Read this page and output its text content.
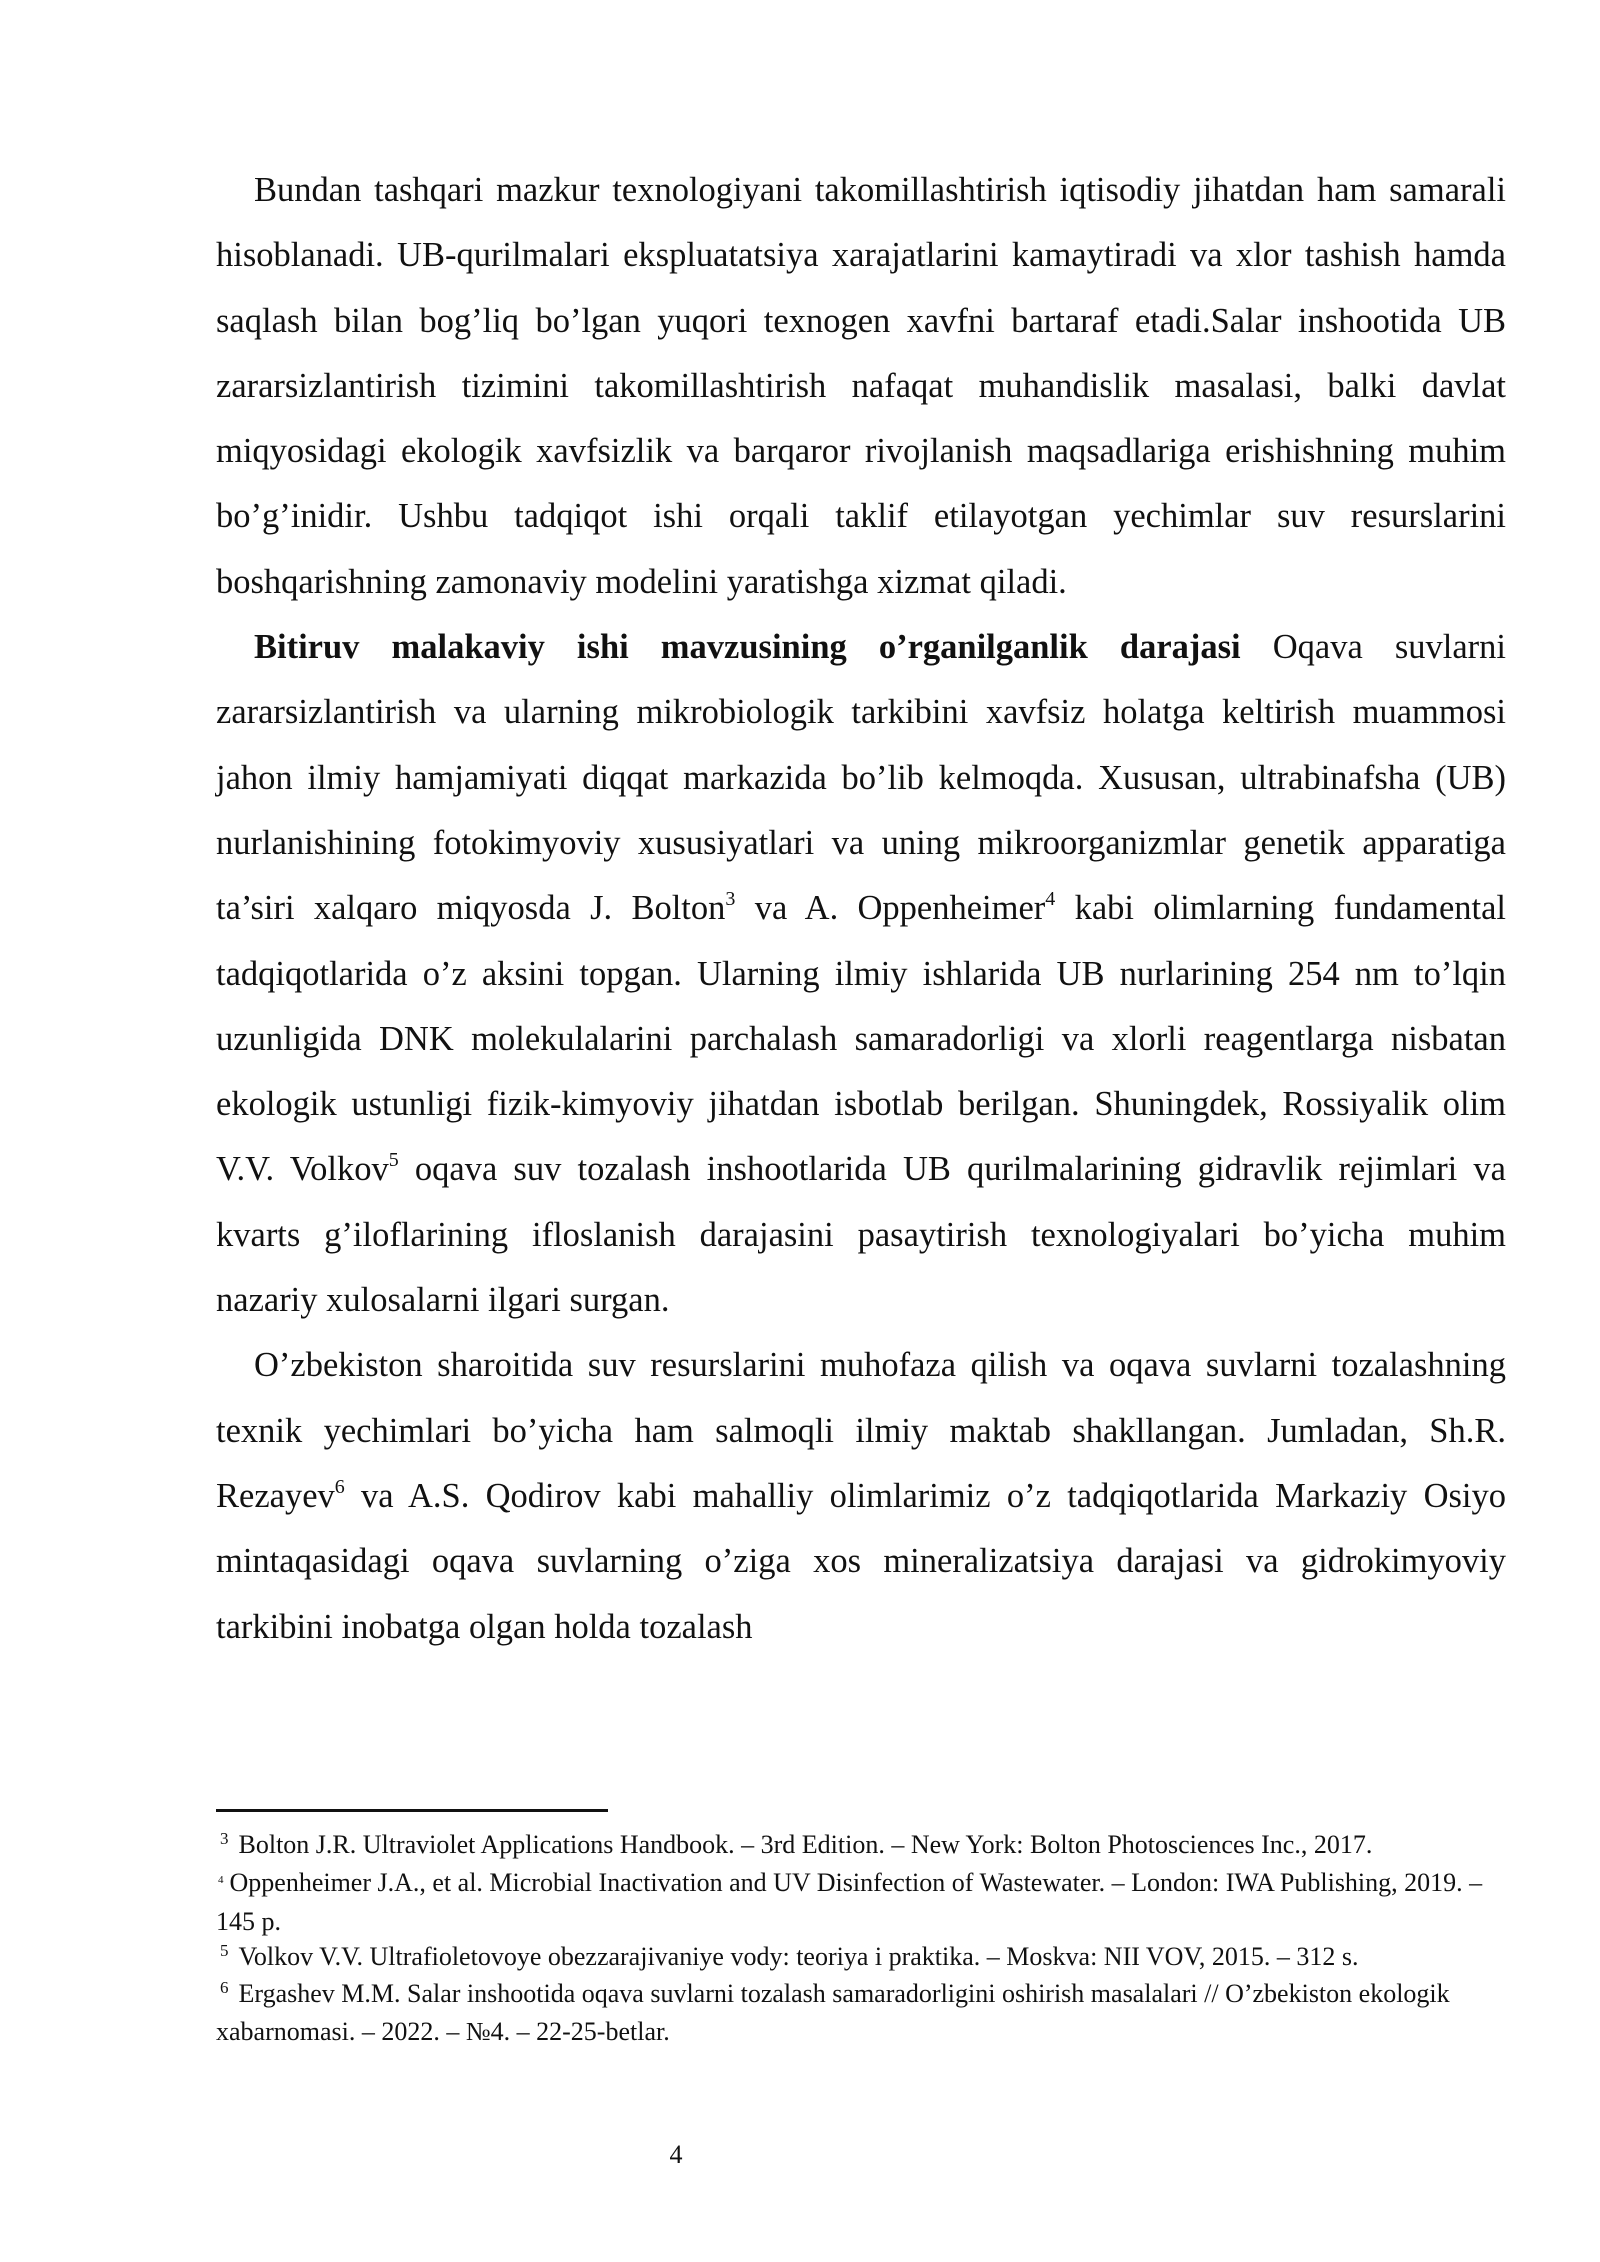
Bundan tashqari mazkur texnologiyani takomillashtirish iqtisodiy jihatdan ham samarali hisoblanadi. UB-qurilmalari ekspluatatsiya xarajatlarini kamaytiradi va xlor tashish hamda saqlash bilan bog’liq bo’lgan yuqori texnogen xavfni bartaraf etadi.Salar inshootida UB zararsizlantirish tizimini takomillashtirish nafaqat muhandislik masalasi, balki davlat miqyosidagi ekologik xavfsizlik va barqaror rivojlanish maqsadlariga erishishning muhim bo’g’inidir. Ushbu tadqiqot ishi orqali taklif etilayotgan yechimlar suv resurslarini boshqarishning zamonaviy modelini yaratishga xizmat qiladi.

Bitiruv malakaviy ishi mavzusining o’rganilganlik darajasi Oqava suvlarni zararsizlantirish va ularning mikrobiologik tarkibini xavfsiz holatga keltirish muammosi jahon ilmiy hamjamiyati diqqat markazida bo’lib kelmoqda. Xususan, ultrabinafsha (UB) nurlanishining fotokimyoviy xususiyatlari va uning mikroorganizmlar genetik apparatiga ta’siri xalqaro miqyosda J. Bolton$^3$ va A. Oppenheimer$^4$ kabi olimlarning fundamental tadqiqotlarida o’z aksini topgan. Ularning ilmiy ishlarida UB nurlarining 254 nm to’lqin uzunligida DNK molekulalarini parchalash samaradorligi va xlorli reagentlarga nisbatan ekologik ustunligi fizik-kimyoviy jihatdan isbotlab berilgan. Shuningdek, Rossiyalik olim V.V. Volkov$^5$ oqava suv tozalash inshootlarida UB qurilmalarining gidravlik rejimlari va kvarts g’iloflarining ifloslanish darajasini pasaytirish texnologiyalari bo’yicha muhim nazariy xulosalarni ilgari surgan.

O’zbekiston sharoitida suv resurslarini muhofaza qilish va oqava suvlarni tozalashning texnik yechimlari bo’yicha ham salmoqli ilmiy maktab shakllangan. Jumladan, Sh.R. Rezayev$^6$ va A.S. Qodirov kabi mahalliy olimlarimiz o’z tadqiqotlarida Markaziy Osiyo mintaqasidagi oqava suvlarning o’ziga xos mineralizatsiya darajasi va gidrokimyoviy tarkibini inobatga olgan holda tozalash

$^3$ Bolton J.R. Ultraviolet Applications Handbook. – 3rd Edition. – New York: Bolton Photosciences Inc., 2017.

$^4$ Oppenheimer J.A., et al. Microbial Inactivation and UV Disinfection of Wastewater. – London: IWA Publishing, 2019. – 145 p.

$^5$ Volkov V.V. Ultrafioletovoye obezzarajivaniye vody: teoriya i praktika. – Moskva: NII VOV, 2015. – 312 s.

$^6$ Ergashev M.M. Salar inshootida oqava suvlarni tozalash samaradorligini oshirish masalalari // O’zbekiston ekologik xabarnomasi. – 2022. – №4. – 22-25-betlar.

4
